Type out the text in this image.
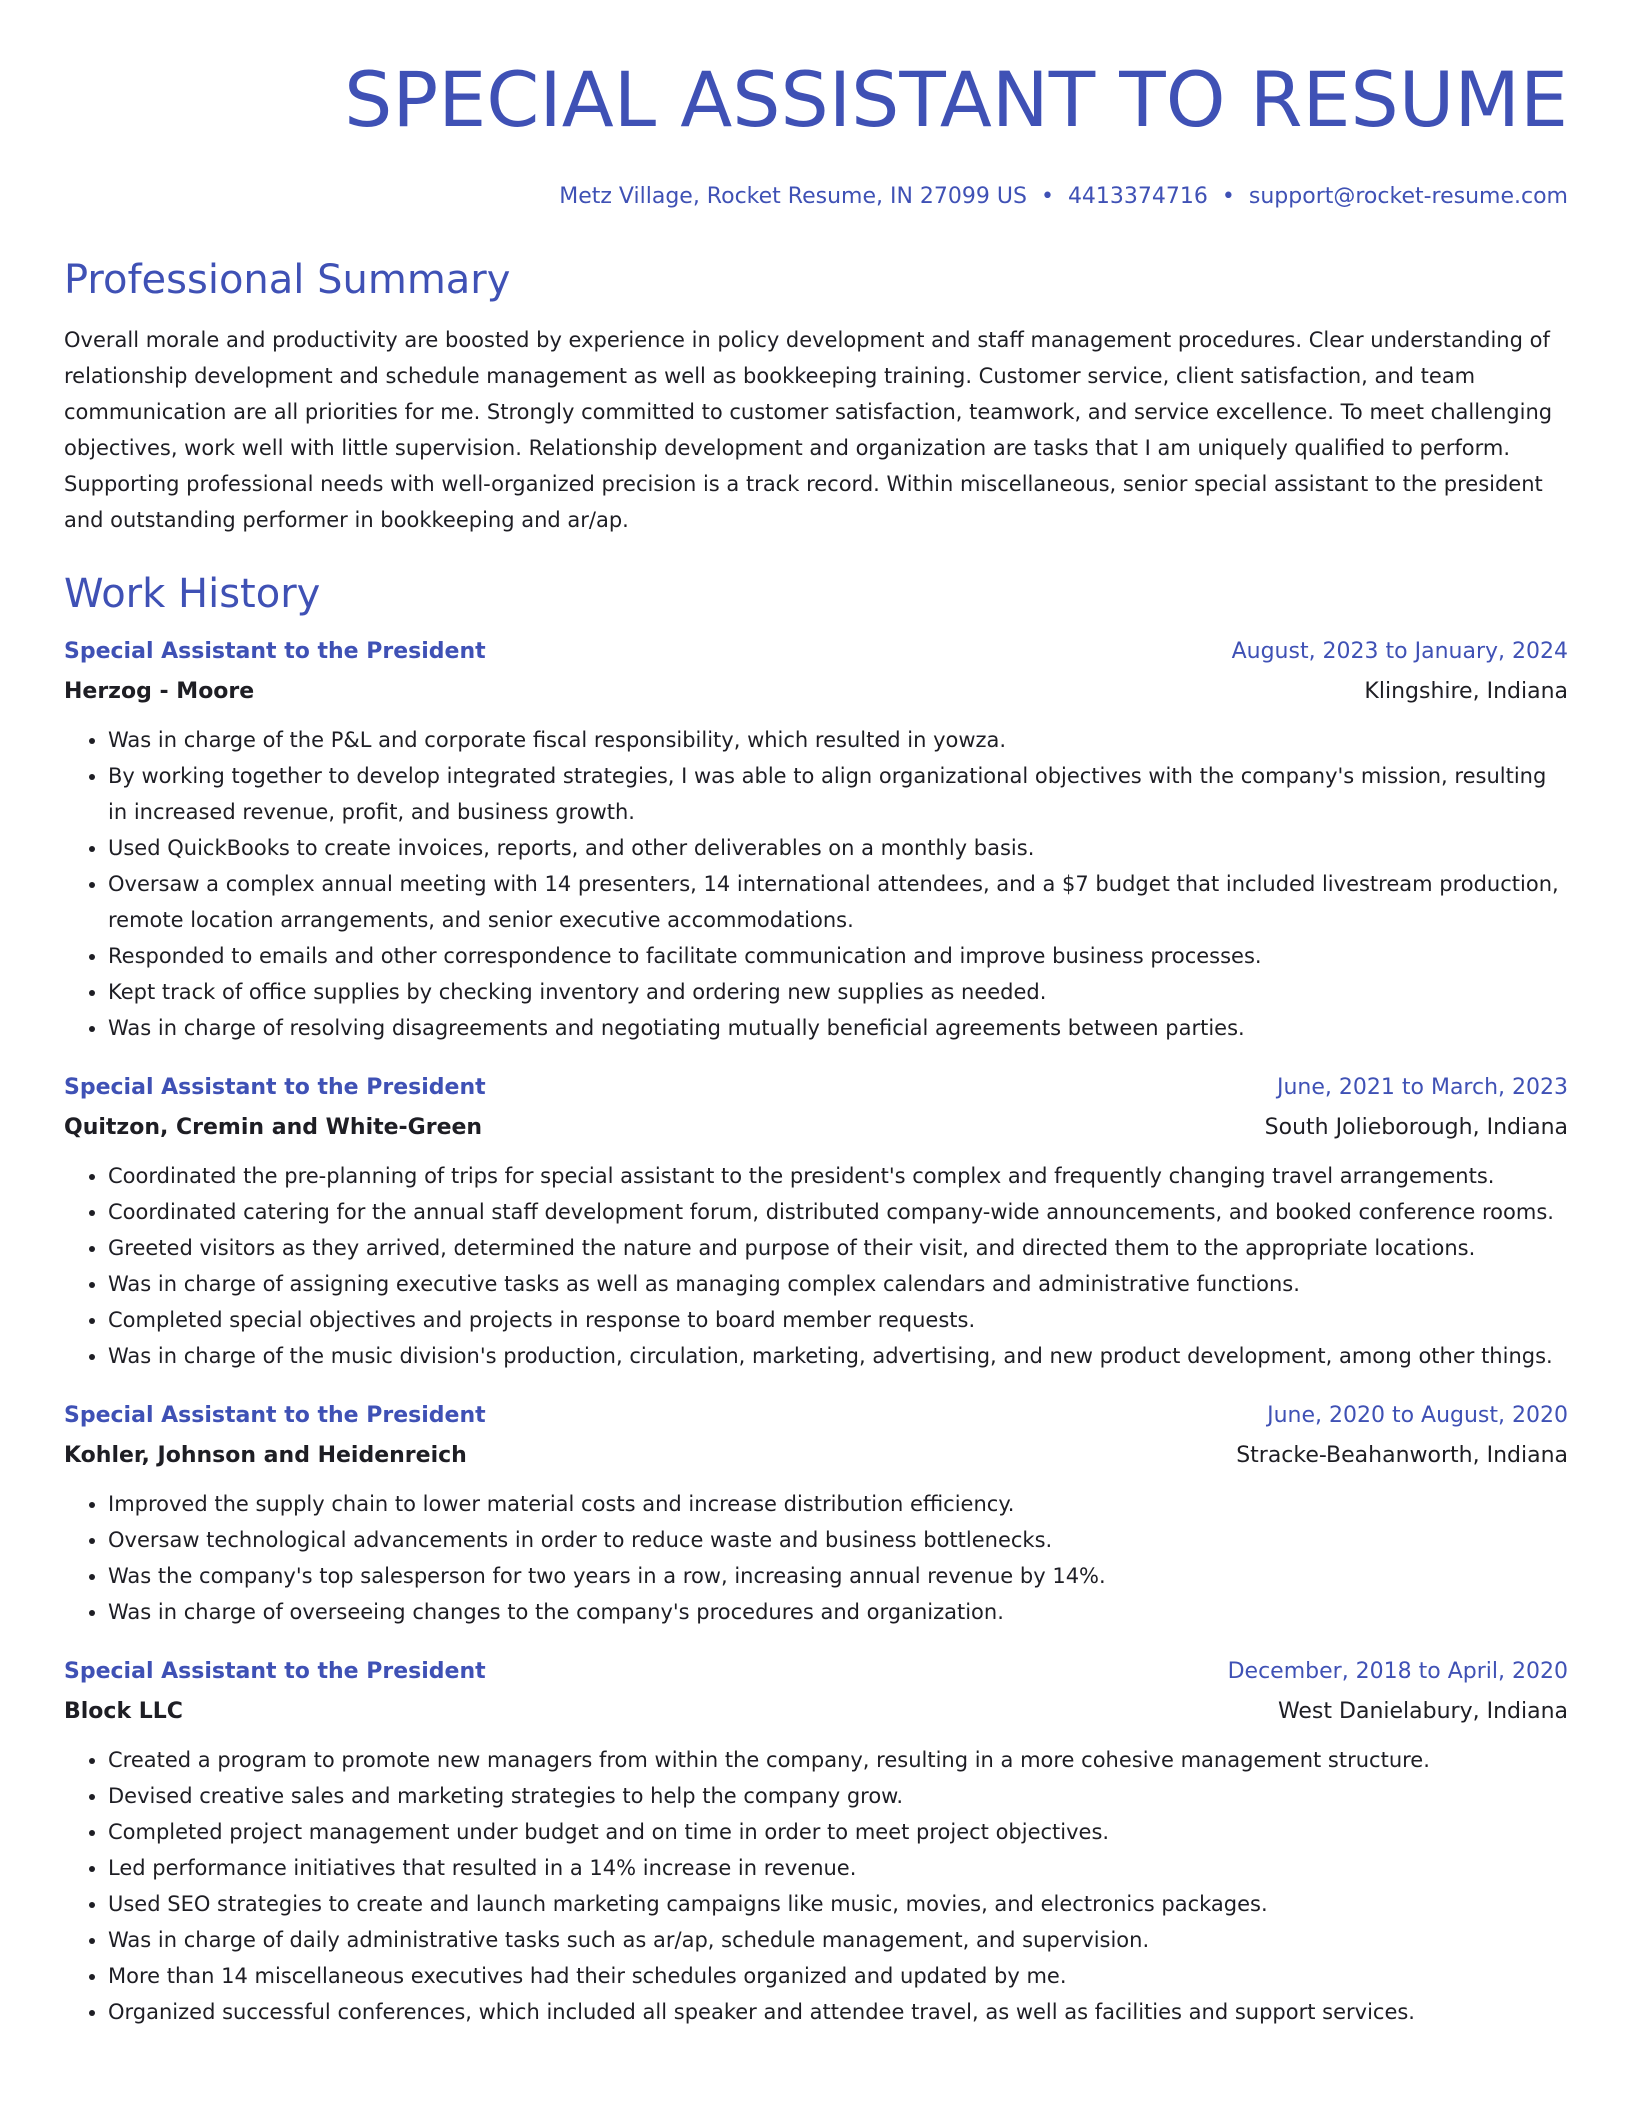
SPECIAL ASSISTANT TO RESUME
Metz Village, Rocket Resume, IN 27099 US • 4413374716 • support@rocket-resume.com
Professional Summary

Overall morale and productivity are boosted by experience in policy development and staff management procedures. Clear understanding of relationship development and schedule management as well as bookkeeping training. Customer service, client satisfaction, and team communication are all priorities for me. Strongly committed to customer satisfaction, teamwork, and service excellence. To meet challenging objectives, work well with little supervision. Relationship development and organization are tasks that I am uniquely qualified to perform. Supporting professional needs with well-organized precision is a track record. Within miscellaneous, senior special assistant to the president and outstanding performer in bookkeeping and ar/ap.

Work History
Special Assistant to the President	August, 2023 to January, 2024
Herzog - Moore	Klingshire, Indiana
• Was in charge of the P&L and corporate fiscal responsibility, which resulted in yowza.
• By working together to develop integrated strategies, I was able to align organizational objectives with the company's mission, resulting in increased revenue, profit, and business growth.
• Used QuickBooks to create invoices, reports, and other deliverables on a monthly basis.
• Oversaw a complex annual meeting with 14 presenters, 14 international attendees, and a $7 budget that included livestream production, remote location arrangements, and senior executive accommodations.
• Responded to emails and other correspondence to facilitate communication and improve business processes.
• Kept track of office supplies by checking inventory and ordering new supplies as needed.
• Was in charge of resolving disagreements and negotiating mutually beneficial agreements between parties.
Special Assistant to the President	June, 2021 to March, 2023
Quitzon, Cremin and White-Green	South Jolieborough, Indiana
• Coordinated the pre-planning of trips for special assistant to the president's complex and frequently changing travel arrangements.
• Coordinated catering for the annual staff development forum, distributed company-wide announcements, and booked conference rooms.
• Greeted visitors as they arrived, determined the nature and purpose of their visit, and directed them to the appropriate locations.
• Was in charge of assigning executive tasks as well as managing complex calendars and administrative functions.
• Completed special objectives and projects in response to board member requests.
• Was in charge of the music division's production, circulation, marketing, advertising, and new product development, among other things.
Special Assistant to the President	June, 2020 to August, 2020
Kohler, Johnson and Heidenreich	Stracke-Beahanworth, Indiana
• Improved the supply chain to lower material costs and increase distribution efficiency.
• Oversaw technological advancements in order to reduce waste and business bottlenecks.
• Was the company's top salesperson for two years in a row, increasing annual revenue by 14%.
• Was in charge of overseeing changes to the company's procedures and organization.
Special Assistant to the President	December, 2018 to April, 2020
Block LLC	West Danielabury, Indiana
• Created a program to promote new managers from within the company, resulting in a more cohesive management structure.
• Devised creative sales and marketing strategies to help the company grow.
• Completed project management under budget and on time in order to meet project objectives.
• Led performance initiatives that resulted in a 14% increase in revenue.
• Used SEO strategies to create and launch marketing campaigns like music, movies, and electronics packages.
• Was in charge of daily administrative tasks such as ar/ap, schedule management, and supervision.
• More than 14 miscellaneous executives had their schedules organized and updated by me.
• Organized successful conferences, which included all speaker and attendee travel, as well as facilities and support services.
